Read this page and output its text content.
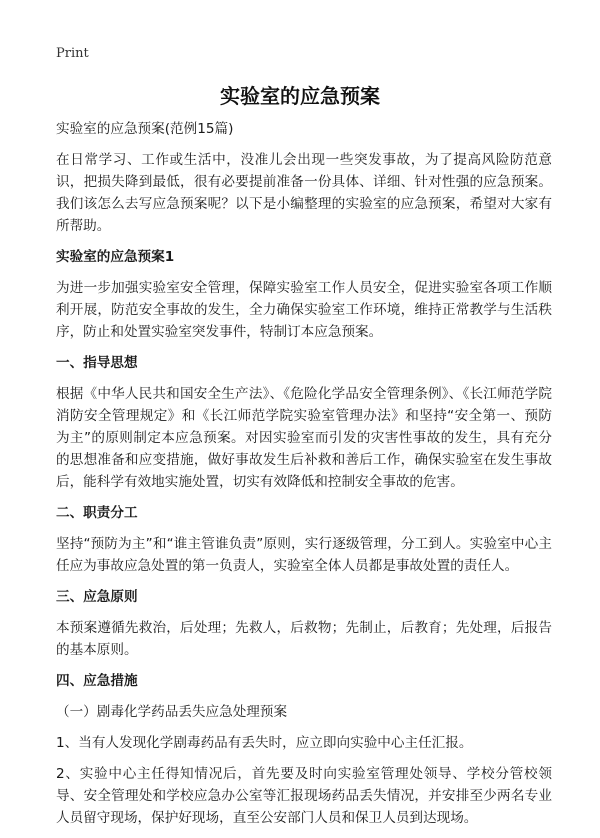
Print
实验室的应急预案

实验室的应急预案(范例15篇)

在日常学习、工作或生活中，没准儿会出现一些突发事故，为了提高风险防范意识，把损失降到最低，很有必要提前准备一份具体、详细、针对性强的应急预案。我们该怎么去写应急预案呢？以下是小编整理的实验室的应急预案，希望对大家有所帮助。

实验室的应急预案1

为进一步加强实验室安全管理，保障实验室工作人员安全，促进实验室各项工作顺利开展，防范安全事故的发生，全力确保实验室工作环境，维持正常教学与生活秩序，防止和处置实验室突发事件，特制订本应急预案。

一、指导思想

根据《中华人民共和国安全生产法》、《危险化学品安全管理条例》、《长江师范学院消防安全管理规定》和《长江师范学院实验室管理办法》和坚持“安全第一、预防为主”的原则制定本应急预案。对因实验室而引发的灾害性事故的发生，具有充分的思想准备和应变措施，做好事故发生后补救和善后工作，确保实验室在发生事故后，能科学有效地实施处置，切实有效降低和控制安全事故的危害。

二、职责分工

坚持“预防为主”和“谁主管谁负责”原则，实行逐级管理，分工到人。实验室中心主任应为事故应急处置的第一负责人，实验室全体人员都是事故处置的责任人。

三、应急原则

本预案遵循先救治，后处理；先救人，后救物；先制止，后教育；先处理，后报告的基本原则。

四、应急措施

（一）剧毒化学药品丢失应急处理预案

1、当有人发现化学剧毒药品有丢失时，应立即向实验中心主任汇报。

2、实验中心主任得知情况后，首先要及时向实验室管理处领导、学校分管校领导、安全管理处和学校应急办公室等汇报现场药品丢失情况，并安排至少两名专业人员留守现场，保护好现场，直至公安部门人员和保卫人员到达现场。
